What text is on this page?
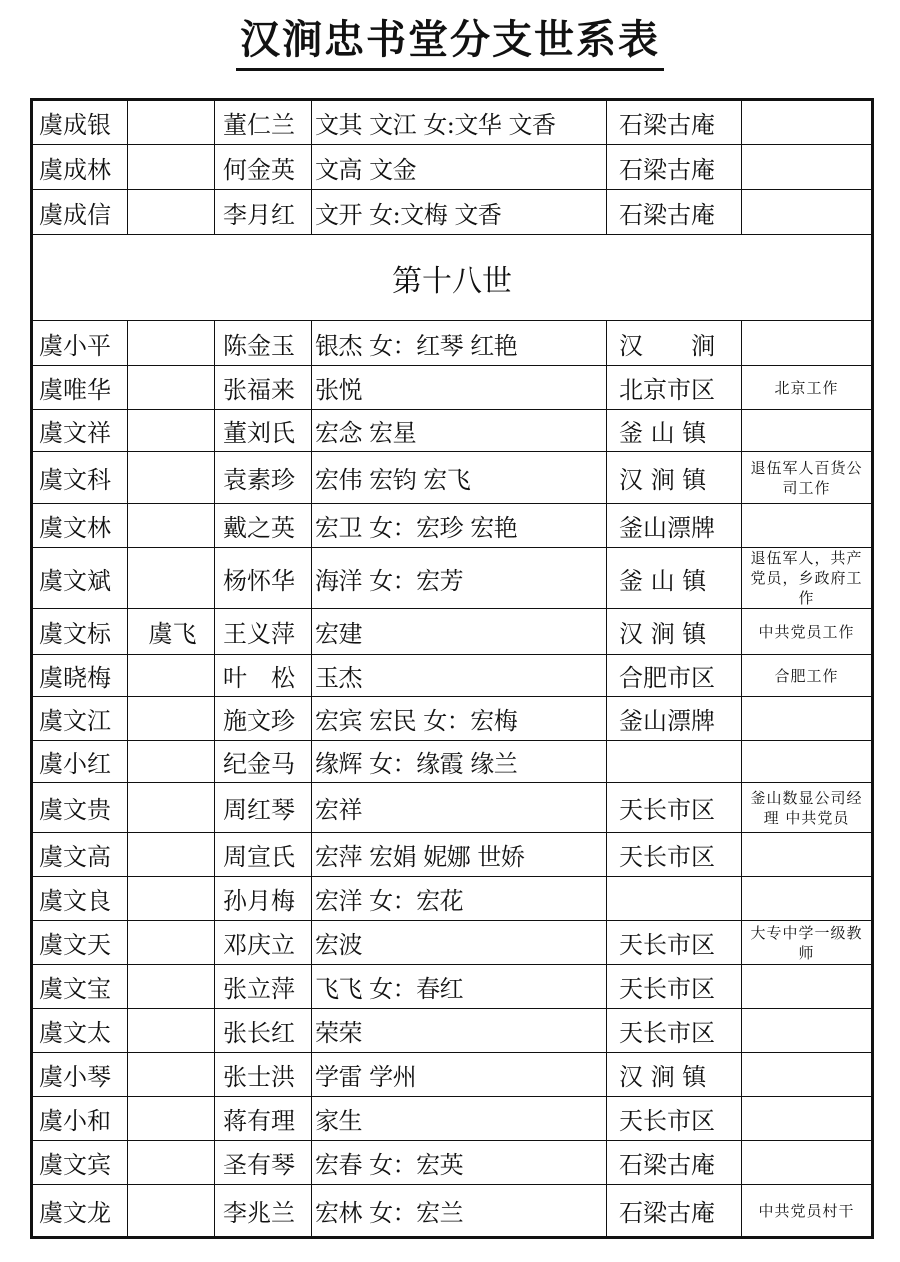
汉涧忠书堂分支世系表
虞成银		董仁兰	文其 文江 女:文华 文香	石梁古庵	
虞成林		何金英	文高 文金	石梁古庵	
虞成信		李月红	文开 女:文梅 文香	石梁古庵	
第十八世					
虞小平		陈金玉	银杰 女：红琴 红艳	汉　　涧	
虞唯华		张福来	张悦	北京市区	北京工作
虞文祥		董刘氏	宏念 宏星	釜 山 镇	
虞文科		袁素珍	宏伟 宏钧 宏飞	汉 涧 镇	退伍军人百货公司工作
虞文林		戴之英	宏卫 女：宏珍 宏艳	釜山漂牌	
虞文斌		杨怀华	海洋 女：宏芳	釜 山 镇	退伍军人，共产党员，乡政府工作
虞文标	虞飞	王义萍	宏建	汉 涧 镇	中共党员工作
虞晓梅		叶　松	玉杰	合肥市区	合肥工作
虞文江		施文珍	宏宾 宏民 女：宏梅	釜山漂牌	
虞小红		纪金马	缘辉 女：缘霞 缘兰		
虞文贵		周红琴	宏祥	天长市区	釜山数显公司经理 中共党员
虞文高		周宣氏	宏萍 宏娟 妮娜 世娇	天长市区	
虞文良		孙月梅	宏洋 女：宏花		
虞文天		邓庆立	宏波	天长市区	大专中学一级教师
虞文宝		张立萍	飞飞 女：春红	天长市区	
虞文太		张长红	荣荣	天长市区	
虞小琴		张士洪	学雷 学州	汉 涧 镇	
虞小和		蒋有理	家生	天长市区	
虞文宾		圣有琴	宏春 女：宏英	石梁古庵	
虞文龙		李兆兰	宏林 女：宏兰	石梁古庵	中共党员村干
